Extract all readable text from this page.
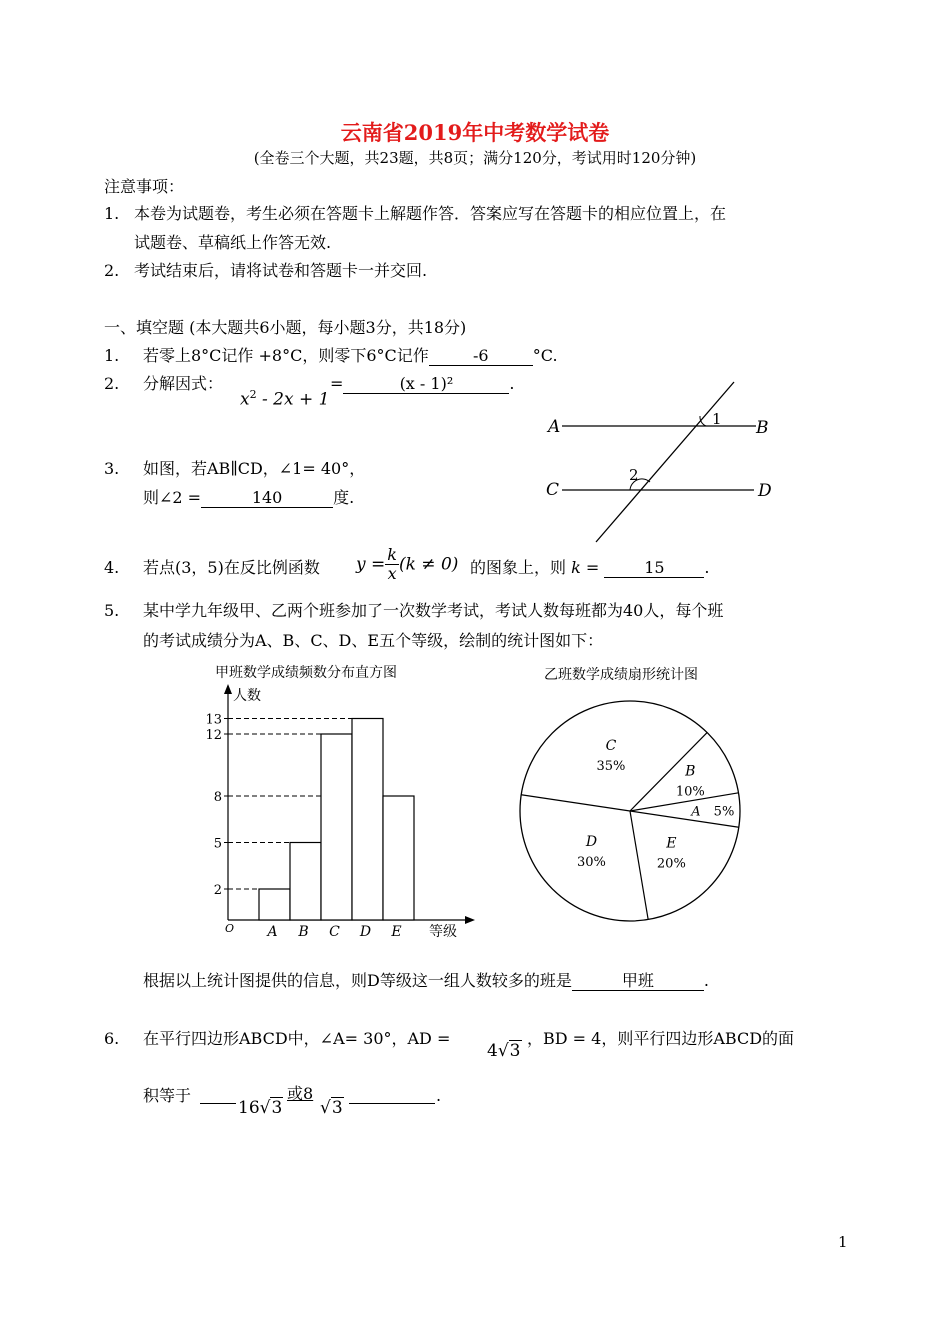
云南省2019年中考数学试卷
(全卷三个大题，共23题，共8页；满分120分，考试用时120分钟)
注意事项：
1. 本卷为试题卷，考生必须在答题卡上解题作答．答案应写在答题卡的相应位置上，在
试题卷、草稿纸上作答无效.
2. 考试结束后，请将试卷和答题卡一并交回.
一、填空题 (本大题共6小题，每小题3分，共18分)
1. 若零上8°C记作 +8°C，则零下6°C记作	-6	°C.
2. 分解因式：
$x^2 - 2x + 1$
=	(x - 1)²	.
3. 如图，若AB∥CD，∠1= 40°，
则∠2 =	140	度.
A	B
C	D
1
2
4. 若点(3，5)在反比例函数 $y = \frac{k}{x} (k \ne 0)$ 的图象上，则 k =	15 .
5. 某中学九年级甲、乙两个班参加了一次数学考试，考试人数每班都为40人，每个班
的考试成绩分为A、B、C、D、E五个等级，绘制的统计图如下：
甲班数学成绩频数分布直方图
人数
O	等级
2
5
8
12
13
A B C D E
乙班数学成绩扇形统计图
E
20%
A 5%
B
10%
C
35%
D
30%
根据以上统计图提供的信息，则D等级这一组人数较多的班是	甲班	.
6. 在平行四边形ABCD中，∠A= 30°，AD =
4√3
，BD = 4，则平行四边形ABCD的面
积等于
16√3
或8
√3
.
1
